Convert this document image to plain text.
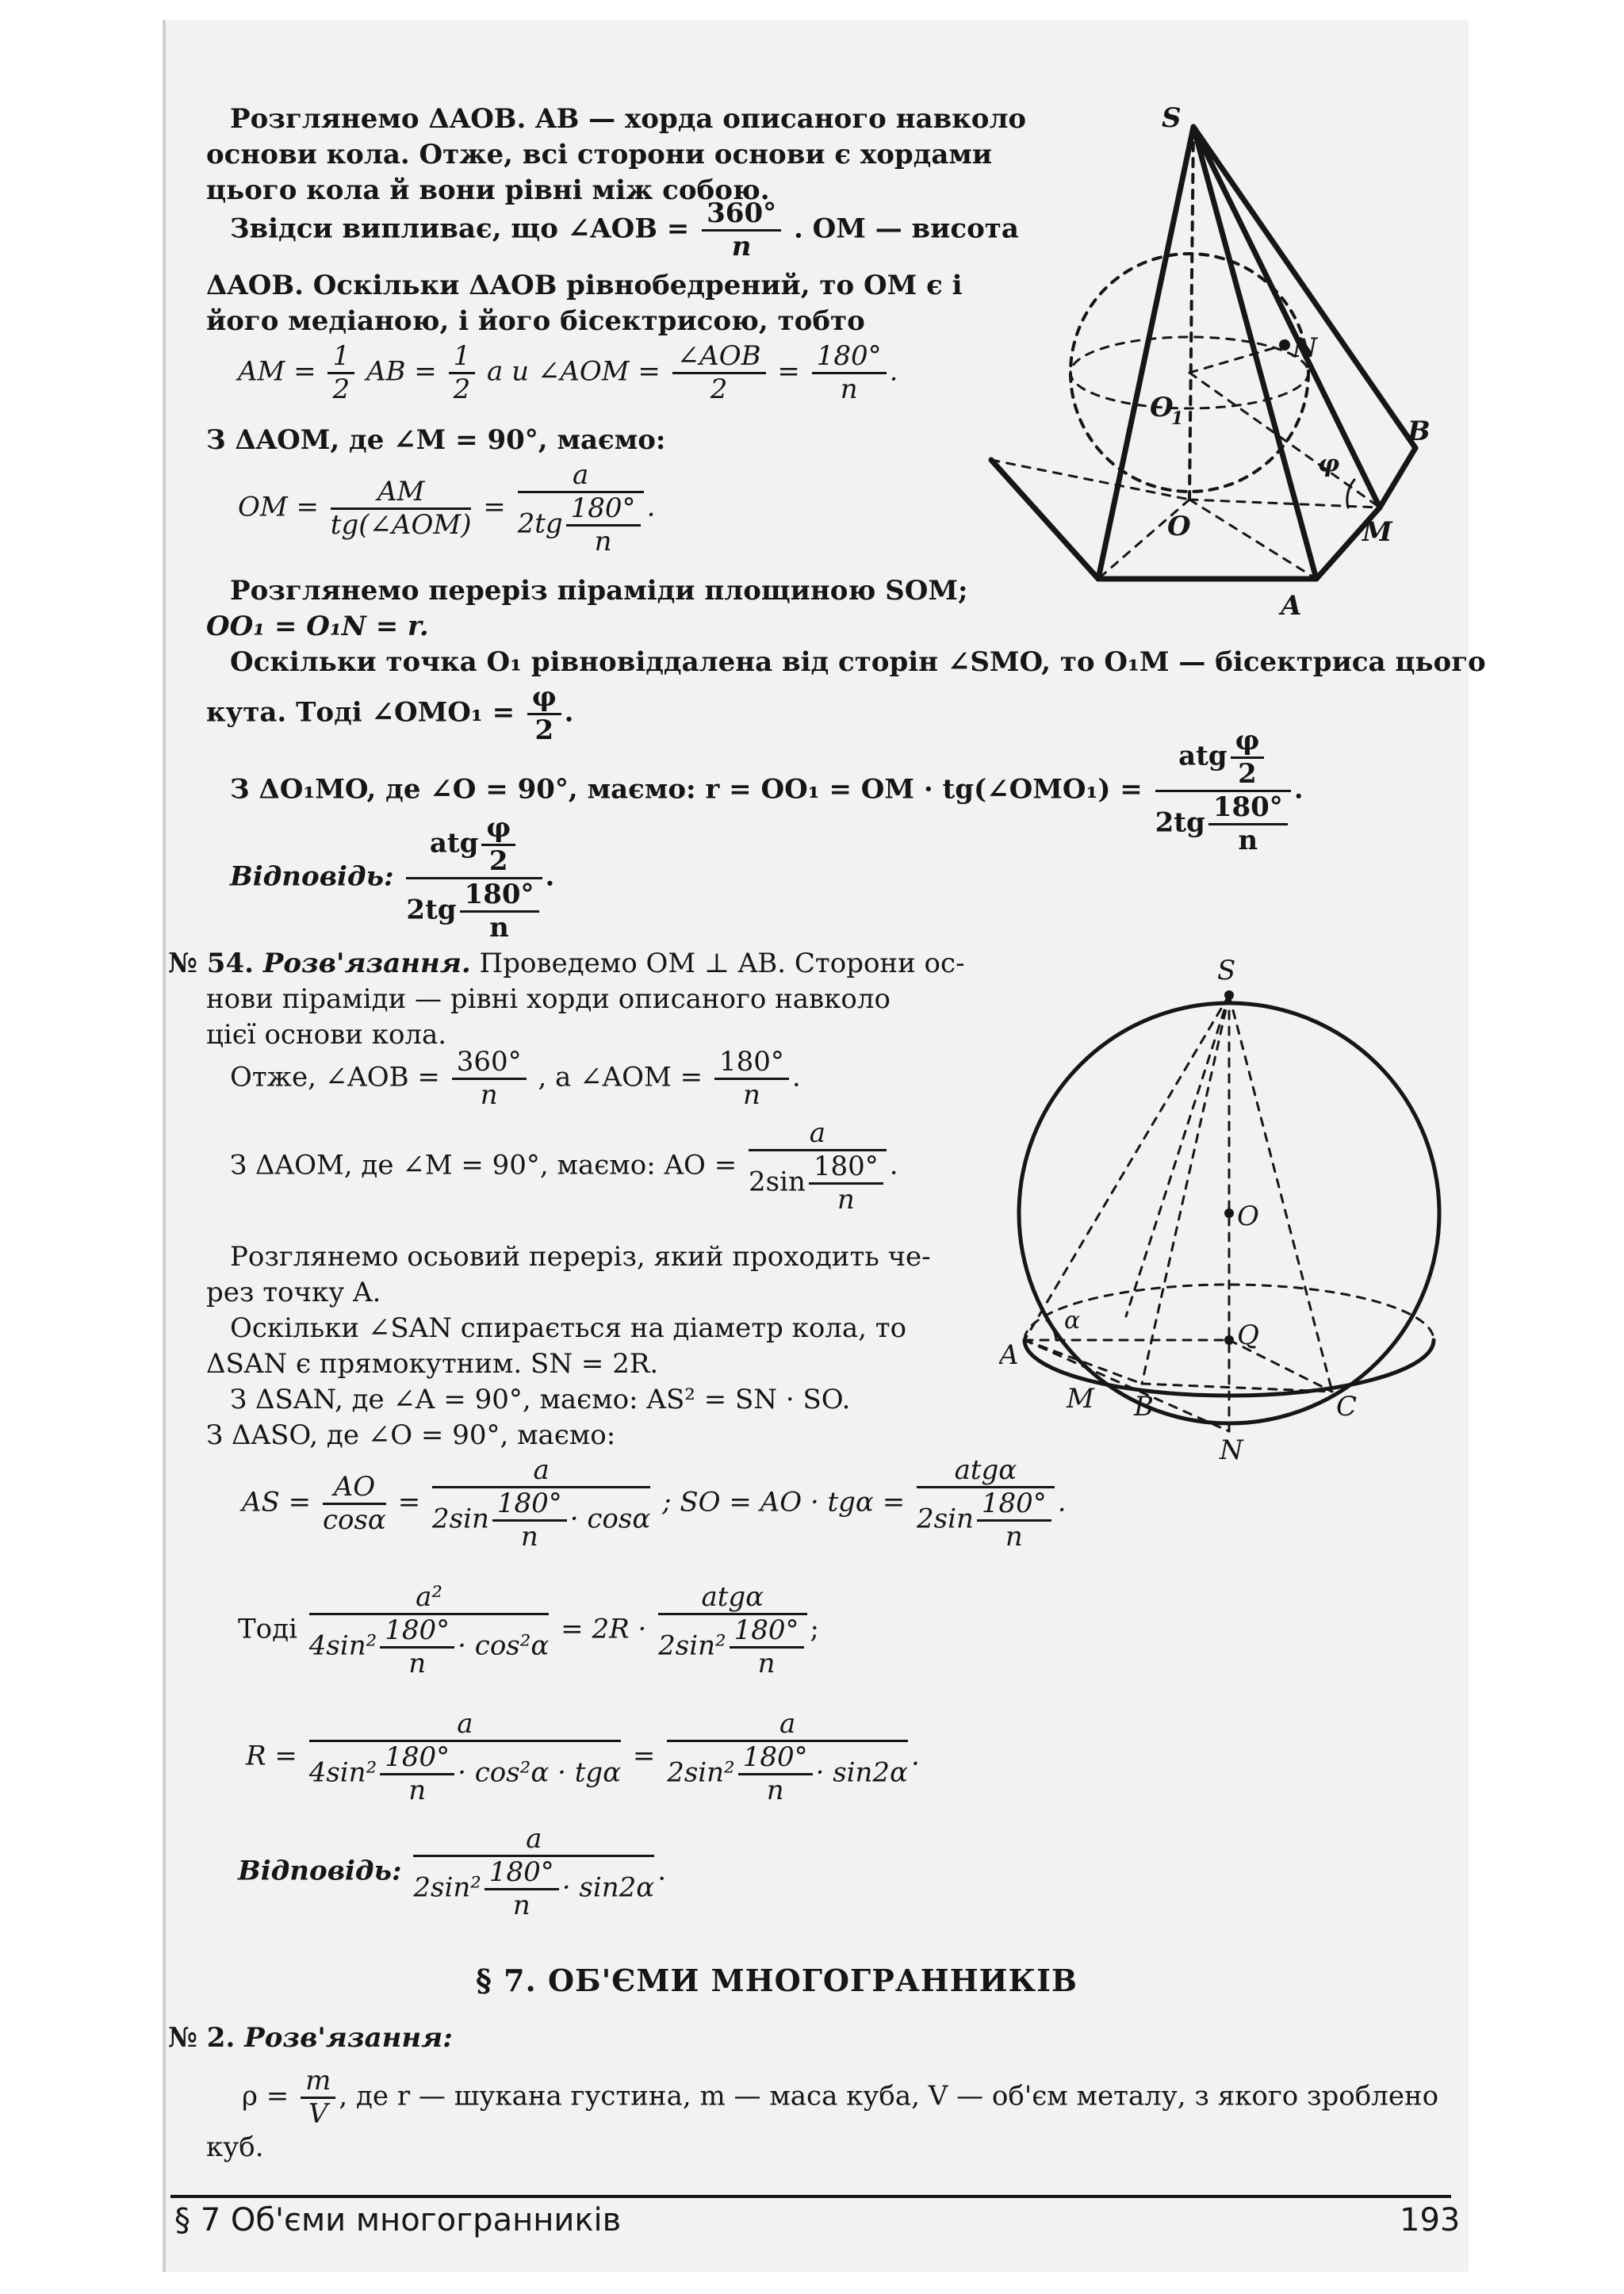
Розглянемо ΔAOB. AB — хорда описаного навколо
основи кола. Отже, всі сторони основи є хордами
цього кола й вони рівні між собою.
Звідси випливає, що ∠AOB = $\frac{360^\circ}{n}$ . OM — висота
ΔAOB. Оскільки ΔAOB рівнобедрений, то OM є і
його медіаною, і його бісектрисою, тобто
AM = $\frac{1}{2}$ AB = $\frac{1}{2}$ a и ∠AOM = $\frac{\text{∠AOB}}{2} = \frac{180^\circ}{n}$ .
З ΔAOM, де ∠M = 90°, маємо:
OM = $\frac{AM}{\text{tg(∠AOM)}} = \frac{a}{2tg \frac{180^\circ}{n}}$ .
Розглянемо переріз піраміди площиною SOM;
OO₁ = O₁N = r.
Оскільки точка O₁ рівновіддалена від сторін ∠SMO, то O₁M — бісектриса цього
кута. Тоді ∠OMO₁ = $\frac{\varphi}{2}$ .
З ΔO₁MO, де ∠O = 90°, маємо: r = OO₁ = OM · tg(∠OMO₁) = $\frac{atg \frac{\varphi}{2}}{2tg \frac{180^\circ}{n}}$ .
Відповідь: $\frac{atg \frac{\varphi}{2}}{2tg \frac{180^\circ}{n}}$ .
S
N
O
1	B
φ
O	M
A
№ 54. Розв'язання. Проведемо OM ⊥ AB. Сторони ос-
нови піраміди — рівні хорди описаного навколо
цієї основи кола.
Отже, ∠AOB = $\frac{360^\circ}{n}$ , а ∠AOM = $\frac{180^\circ}{n}$ .
З ΔAOM, де ∠M = 90°, маємо: AO = $\frac{a}{2\sin \frac{180^\circ}{n}}$ .
Розглянемо осьовий переріз, який проходить че-
рез точку A.
Оскільки ∠SAN спирається на діаметр кола, то
ΔSAN є прямокутним. SN = 2R.
З ΔSAN, де ∠A = 90°, маємо: AS² = SN · SO.
З ΔASO, де ∠O = 90°, маємо:
AS = $\frac{AO}{\cos\alpha} = \frac{a}{2\sin \frac{180^\circ}{n} \cdot \cos\alpha}$ ; SO = AO · $tg\alpha = \frac{\text{atgα}}{2\sin \frac{180^\circ}{n}}$ .
Тоді $\frac{\text{a²}}{4\sin^2 \frac{180^\circ}{n} \cdot \cos^2\alpha} = 2R \cdot \frac{\text{atgα}}{2\sin^2 \frac{180^\circ}{n}}$ ;
$R = \frac{a}{4\sin^2 \frac{180^\circ}{n} \cdot \cos^2\alpha \cdot tg\alpha} = \frac{a}{2\sin^2 \frac{180^\circ}{n} \cdot \sin 2\alpha}$ .
Відповідь: $\frac{a}{2\sin^2 \frac{180^\circ}{n} \cdot \sin 2\alpha}$ .
S
O
α	Q
A
M B	C
N
§ 7. ОБ'ЄМИ МНОГОГРАННИКІВ
№ 2. Розв'язання:
$\rho = \frac{m}{V}$ , де r — шукана густина, m — маса куба, V — об'єм металу, з якого зроблено
куб.
§ 7 Об'єми многогранників	193
